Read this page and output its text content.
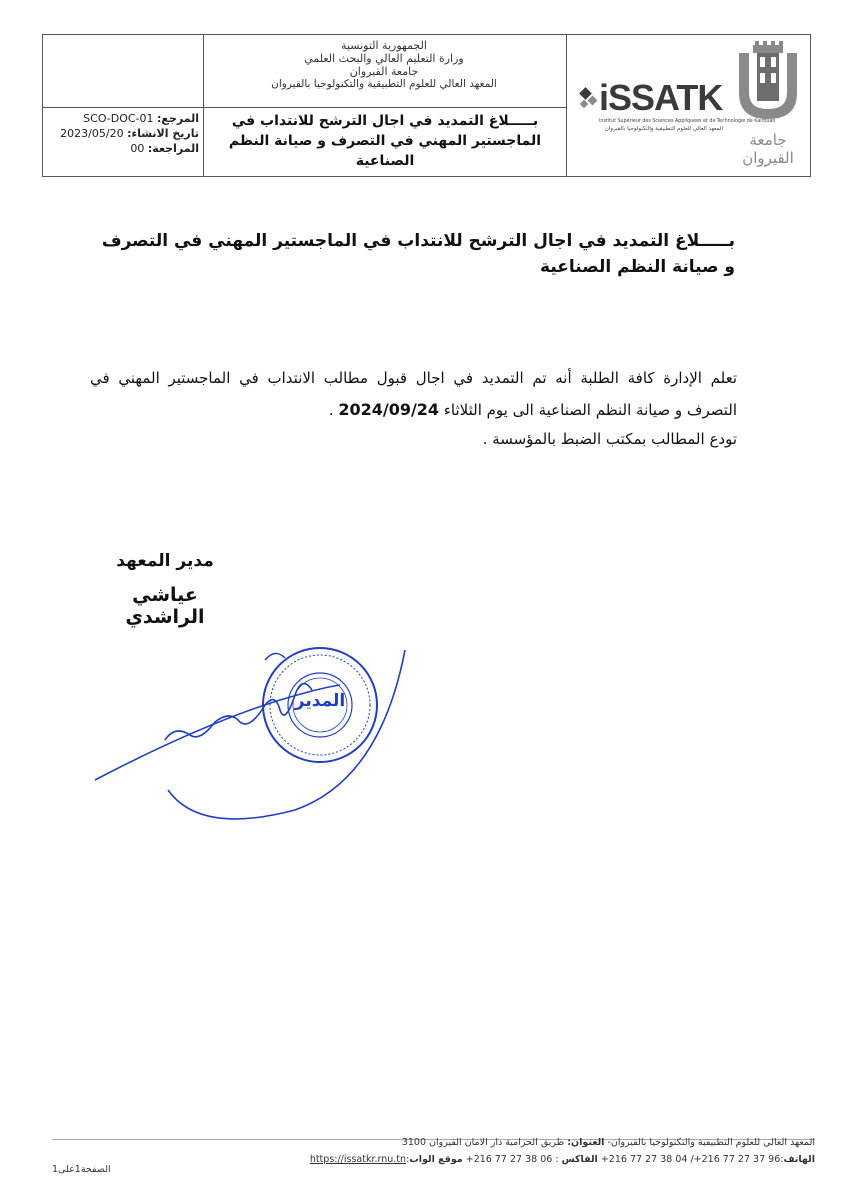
الجمهورية التونسية
وزارة التعليم العالي والبحث العلمي
جامعة القيروان
المعهد العالي للعلوم التطبيقية والتكنولوجيا بالقيروان
المرجع: SCO-DOC-01
تاريخ الانشاء: 2023/05/20
المراجعة: 00
بـــــلاغ التمديد في اجال الترشح للانتداب في الماجستير المهني في التصرف و صيانة النظم الصناعية
iSSATK
Institut Supérieur des Sciences Appliquées et de Technologie de Kairouan
المعهد العالي للعلوم التطبيقية والتكنولوجيا بالقيروان
جامعة القيروان
بـــــلاغ التمديد في اجال الترشح للانتداب في الماجستير المهني في التصرف و صيانة النظم الصناعية
تعلم الإدارة كافة الطلبة أنه تم التمديد في اجال قبول مطالب الانتداب في الماجستير المهني في
التصرف و صيانة النظم الصناعية الى يوم الثلاثاء 2024/09/24 .
تودع المطالب بمكتب الضبط بالمؤسسة .
مدير المعهد
عياشي الراشدي
المدير
المعهد العالي للعلوم التطبيقية والتكنولوجيا بالقيروان- العنوان: طريق الحزامية دار الامان القيروان 3100
الهاتف:96 37 27 77 216+/ 04 38 27 77 216+ الفاكس : 06 38 27 77 216+ موقع الواب:https://issatkr.rnu.tn
الصفحة1على1
